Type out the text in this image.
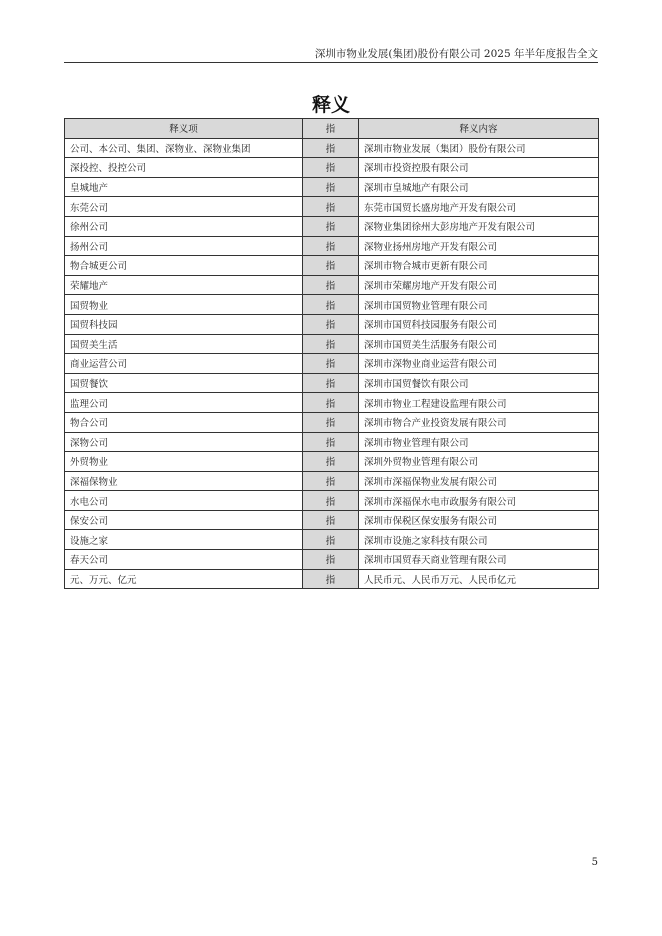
深圳市物业发展(集团)股份有限公司 2025 年半年度报告全文
释义
释义项	指	释义内容
公司、本公司、集团、深物业、深物业集团	指	深圳市物业发展（集团）股份有限公司
深投控、投控公司	指	深圳市投资控股有限公司
皇城地产	指	深圳市皇城地产有限公司
东莞公司	指	东莞市国贸长盛房地产开发有限公司
徐州公司	指	深物业集团徐州大彭房地产开发有限公司
扬州公司	指	深物业扬州房地产开发有限公司
物合城更公司	指	深圳市物合城市更新有限公司
荣耀地产	指	深圳市荣耀房地产开发有限公司
国贸物业	指	深圳市国贸物业管理有限公司
国贸科技园	指	深圳市国贸科技园服务有限公司
国贸美生活	指	深圳市国贸美生活服务有限公司
商业运营公司	指	深圳市深物业商业运营有限公司
国贸餐饮	指	深圳市国贸餐饮有限公司
监理公司	指	深圳市物业工程建设监理有限公司
物合公司	指	深圳市物合产业投资发展有限公司
深物公司	指	深圳市物业管理有限公司
外贸物业	指	深圳外贸物业管理有限公司
深福保物业	指	深圳市深福保物业发展有限公司
水电公司	指	深圳市深福保水电市政服务有限公司
保安公司	指	深圳市保税区保安服务有限公司
设施之家	指	深圳市设施之家科技有限公司
春天公司	指	深圳市国贸春天商业管理有限公司
元、万元、亿元	指	人民币元、人民币万元、人民币亿元
5
